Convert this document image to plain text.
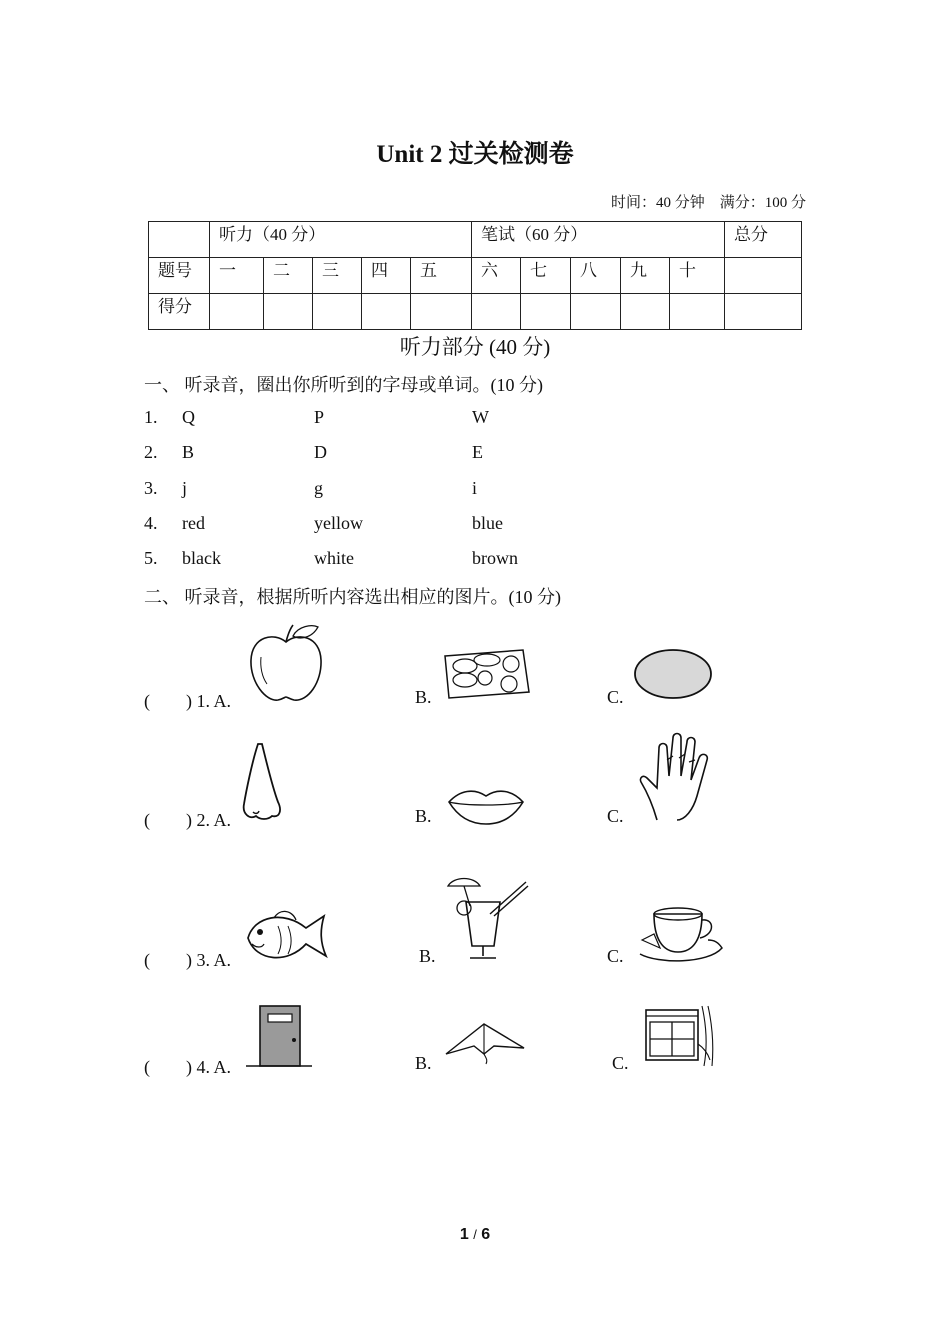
Unit 2 过关检测卷
时间：40 分钟　满分：100 分
	听力（40 分）					笔试（60 分）					总分
题号	一	二	三	四	五	六	七	八	九	十	
得分											
听力部分 (40 分)
一、 听录音，圈出你所听到的字母或单词。(10 分)
1. Q	P	W
2. B	D	E
3. j	g	i
4. red	yellow	blue
5. black	white	brown
二、 听录音，根据所听内容选出相应的图片。(10 分)
(　　) 1. A.	B.	C.
(　　) 2. A.	B.	C.
(　　) 3. A.	B.	C.
(　　) 4. A.	B.	C.
1 / 6
